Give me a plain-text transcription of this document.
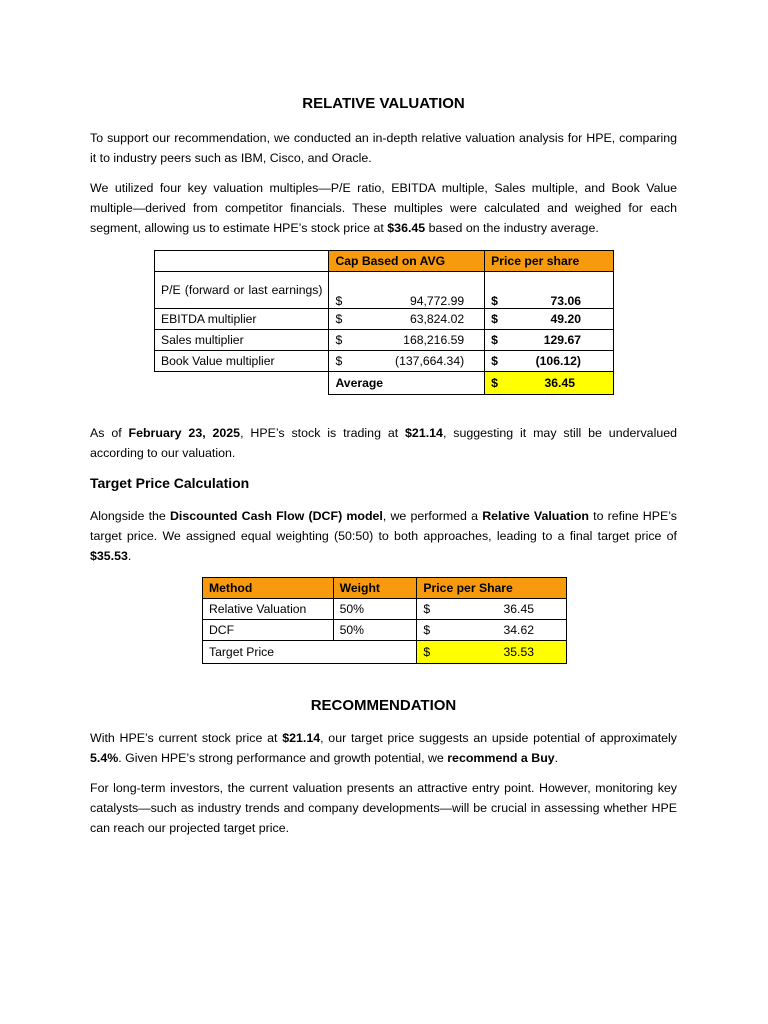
RELATIVE VALUATION

To support our recommendation, we conducted an in-depth relative valuation analysis for HPE, comparing it to industry peers such as IBM, Cisco, and Oracle.

We utilized four key valuation multiples—P/E ratio, EBITDA multiple, Sales multiple, and Book Value multiple—derived from competitor financials. These multiples were calculated and weighed for each segment, allowing us to estimate HPE’s stock price at $36.45 based on the industry average.

	Cap Based on AVG	Price per share
P/E (forward or last earnings)	$ 94,772.99	$ 73.06

EBITDA multiplier	$ 63,824.02	$ 49.20

Sales multiplier	$ 168,216.59	$ 129.67

Book Value multiplier	$ (137,664.34)	$ (106.12)

	Average	$ 36.45

As of February 23, 2025, HPE’s stock is trading at $21.14, suggesting it may still be undervalued according to our valuation.

Target Price Calculation

Alongside the Discounted Cash Flow (DCF) model, we performed a Relative Valuation to refine HPE’s target price. We assigned equal weighting (50:50) to both approaches, leading to a final target price of $35.53.

Method	Weight	Price per Share
Relative Valuation	50%	$ 36.45

DCF	50%	$ 34.62

Target Price		$ 35.53
RECOMMENDATION

With HPE’s current stock price at $21.14, our target price suggests an upside potential of approximately 5.4%. Given HPE’s strong performance and growth potential, we recommend a Buy.

For long-term investors, the current valuation presents an attractive entry point. However, monitoring key catalysts—such as industry trends and company developments—will be crucial in assessing whether HPE can reach our projected target price.
